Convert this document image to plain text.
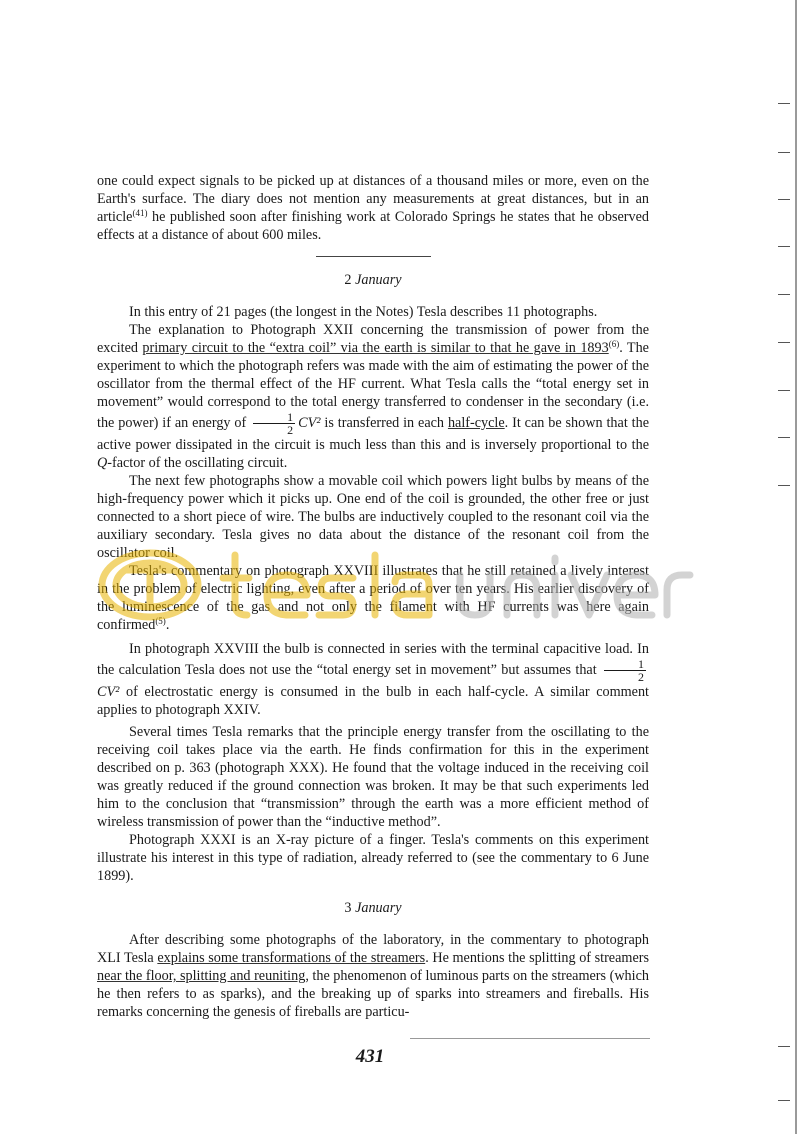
one could expect signals to be picked up at distances of a thousand miles or more, even on the Earth's surface. The diary does not mention any measurements at great distances, but in an article$^{(41)}$ he published soon after finishing work at Colorado Springs he states that he observed effects at a distance of about 600 miles.

2 January

In this entry of 21 pages (the longest in the Notes) Tesla describes 11 photographs.

The explanation to Photograph XXII concerning the transmission of power from the excited primary circuit to the “extra coil” via the earth is similar to that he gave in 1893$^{(6)}$. The experiment to which the photograph refers was made with the aim of estimating the power of the oscillator from the thermal effect of the HF current. What Tesla calls the “total energy set in movement” would correspond to the total energy transferred to condenser in the secondary (i.e. the power) if an energy of $\frac{1}{2} CV^2$ is transferred in each half-cycle. It can be shown that the active power dissipated in the circuit is much less than this and is inversely proportional to the Q-factor of the oscillating circuit.

The next few photographs show a movable coil which powers light bulbs by means of the high-frequency power which it picks up. One end of the coil is grounded, the other free or just connected to a short piece of wire. The bulbs are inductively coupled to the resonant coil via the auxiliary secondary. Tesla gives no data about the distance of the resonant coil from the oscillator coil.

Tesla's commentary on photograph XXVIII illustrates that he still retained a lively interest in the problem of electric lighting, even after a period of over ten years. His earlier discovery of the luminescence of the gas and not only the filament with HF currents was here again confirmed$^{(5)}$.

In photograph XXVIII the bulb is connected in series with the terminal capacitive load. In the calculation Tesla does not use the “total energy set in movement” but assumes that $\frac{1}{2}$
CV² of electrostatic energy is consumed in the bulb in each half-cycle. A similar comment applies to photograph XXIV.

Several times Tesla remarks that the principle energy transfer from the oscillating to the receiving coil takes place via the earth. He finds confirmation for this in the experiment described on p. 363 (photograph XXX). He found that the voltage induced in the receiving coil was greatly reduced if the ground connection was broken. It may be that such experiments led him to the conclusion that “transmission” through the earth was a more efficient method of wireless transmission of power than the “inductive method”.

Photograph XXXI is an X-ray picture of a finger. Tesla's comments on this experiment illustrate his interest in this type of radiation, already referred to (see the commentary to 6 June 1899).

3 January

After describing some photographs of the laboratory, in the commentary to photograph XLI Tesla explains some transformations of the streamers. He mentions the splitting of streamers near the floor, splitting and reuniting, the phenomenon of luminous parts on the streamers (which he then refers to as sparks), and the breaking up of sparks into streamers and fireballs. His remarks concerning the genesis of fireballs are particu-

431
